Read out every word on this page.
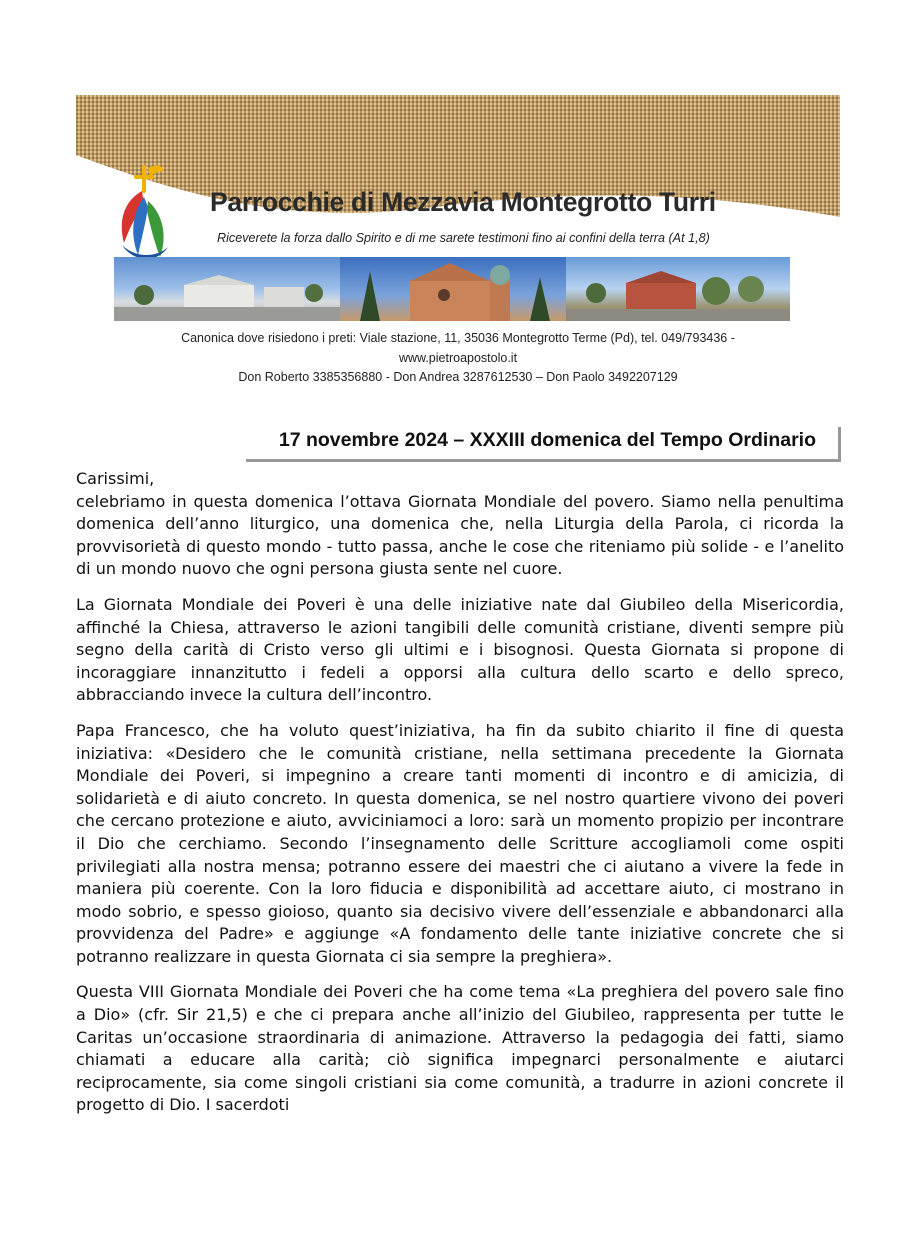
Parrocchie di Mezzavia Montegrotto Turri
Riceverete la forza dallo Spirito e di me sarete testimoni fino ai confini della terra (At 1,8)
Canonica dove risiedono i preti: Viale stazione, 11, 35036 Montegrotto Terme (Pd), tel. 049/793436 -
www.pietroapostolo.it
Don Roberto 3385356880 - Don Andrea 3287612530 – Don Paolo 3492207129
17 novembre 2024 – XXXIII domenica del Tempo Ordinario
Carissimi,

celebriamo in questa domenica l’ottava Giornata Mondiale del povero. Siamo nella penultima domenica dell’anno liturgico, una domenica che, nella Liturgia della Parola, ci ricorda la provvisorietà di questo mondo - tutto passa, anche le cose che riteniamo più solide - e l’anelito di un mondo nuovo che ogni persona giusta sente nel cuore.

La Giornata Mondiale dei Poveri è una delle iniziative nate dal Giubileo della Misericordia, affinché la Chiesa, attraverso le azioni tangibili delle comunità cristiane, diventi sempre più segno della carità di Cristo verso gli ultimi e i bisognosi. Questa Giornata si propone di incoraggiare innanzitutto i fedeli a opporsi alla cultura dello scarto e dello spreco, abbracciando invece la cultura dell’incontro.

Papa Francesco, che ha voluto quest’iniziativa, ha fin da subito chiarito il fine di questa iniziativa: «Desidero che le comunità cristiane, nella settimana precedente la Giornata Mondiale dei Poveri, si impegnino a creare tanti momenti di incontro e di amicizia, di solidarietà e di aiuto concreto. In questa domenica, se nel nostro quartiere vivono dei poveri che cercano protezione e aiuto, avviciniamoci a loro: sarà un momento propizio per incontrare il Dio che cerchiamo. Secondo l’insegnamento delle Scritture accogliamoli come ospiti privilegiati alla nostra mensa; potranno essere dei maestri che ci aiutano a vivere la fede in maniera più coerente. Con la loro fiducia e disponibilità ad accettare aiuto, ci mostrano in modo sobrio, e spesso gioioso, quanto sia decisivo vivere dell’essenziale e abbandonarci alla provvidenza del Padre» e aggiunge «A fondamento delle tante iniziative concrete che si potranno realizzare in questa Giornata ci sia sempre la preghiera».

Questa VIII Giornata Mondiale dei Poveri che ha come tema «La preghiera del povero sale fino a Dio» (cfr. Sir 21,5) e che ci prepara anche all’inizio del Giubileo, rappresenta per tutte le Caritas un’occasione straordinaria di animazione. Attraverso la pedagogia dei fatti, siamo chiamati a educare alla carità; ciò significa impegnarci personalmente e aiutarci reciprocamente, sia come singoli cristiani sia come comunità, a tradurre in azioni concrete il progetto di Dio. I sacerdoti
